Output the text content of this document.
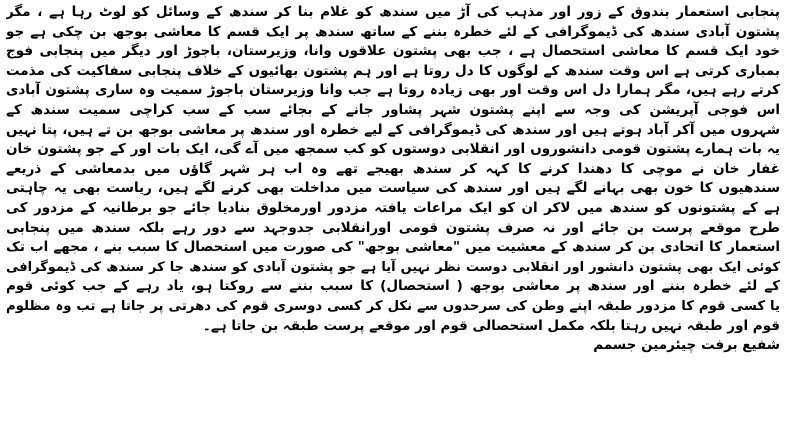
پنجابی استعمار بندوق کے زور اور مذہب کی آڑ میں سندھ کو غلام بنا کر سندھ کے وسائل کو لوٹ رہا ہے ، مگر
پشتون آبادی سندھ کی ڈیموگرافی کے لئے خطرہ بننے کے ساتھ سندھ پر ایک قسم کا معاشی بوجھ بن چکی ہے جو
خود ایک قسم کا معاشی استحصال ہے ، جب بھی پشتون علاقوں وانا، وزیرستان، باجوڑ اور دیگر میں پنجابی فوج
بمباری کرتی ہے اس وقت سندھ کے لوگوں کا دل روتا ہے اور ہم پشتون بھائیوں کے خلاف پنجابی سفاکیت کی مذمت
کرتے رہے ہیں، مگر ہمارا دل اس وقت اور بھی زیادہ روتا ہے جب وانا وزیرستان باجوڑ سمیت وہ ساری پشتون آبادی
اس فوجی آپریشن کی وجہ سے اپنے پشتون شہر پشاور جانے کے بجائے سب کے سب کراچی سمیت سندھ کے
شہروں میں آکر آباد ہوتے ہیں اور سندھ کی ڈیموگرافی کے لیے خطرہ اور سندھ پر معاشی بوجھ بن تے ہیں، پتا نہیں
یہ بات ہمارے پشتون قومی دانشوروں اور انقلابی دوستوں کو کب سمجھ میں آے گی، ایک بات اور کے جو پشتون خان
غفار خان نے موچی کا دھندا کرنے کا کہہ کر سندھ بھیجے تھے وہ اب ہر شہر گاؤں میں بدمعاشی کے ذریعے
سندھیوں کا خون بھی بہانے لگے ہیں اور سندھ کی سیاست میں مداخلت بھی کرنے لگے ہیں، ریاست بھی یہ چاہتی
ہے کے پشتونوں کو سندھ میں لاکر ان کو ایک مراعات یافتہ مزدور اورمخلوق بنادیا جائے جو برطانیہ کے مزدور کی
طرح موقعے پرست بن جائے اور نہ صرف پشتون قومی اورانقلابی جدوجہد سے دور رہے بلکہ سندھ میں پنجابی
استعمار کا اتحادی بن کر سندھ کے معشیت میں "معاشی بوجھ" کی صورت میں استحصال کا سبب بنے ، مجھے اب تک
کوئی ایک بھی پشتون دانشور اور انقلابی دوست نظر نہیں آیا ہے جو پشتون آبادی کو سندھ جا کر سندھ کی ڈیموگرافی
کے لئے خطرہ بننے اور سندھ پر معاشی بوجھ ( استحصال) کا سبب بننے سے روکتا ہو، یاد رہے کے جب کوئی قوم
یا کسی قوم کا مزدور طبقہ اپنے وطن کی سرحدوں سے نکل کر کسی دوسری قوم کی دھرتی پر جاتا ہے تب وہ مظلوم
قوم اور طبقہ نہیں رہتا بلکہ مکمل استحصالی قوم اور موقعے پرست طبقہ بن جاتا ہے۔
شفیع برفت چیئرمین جسمم
